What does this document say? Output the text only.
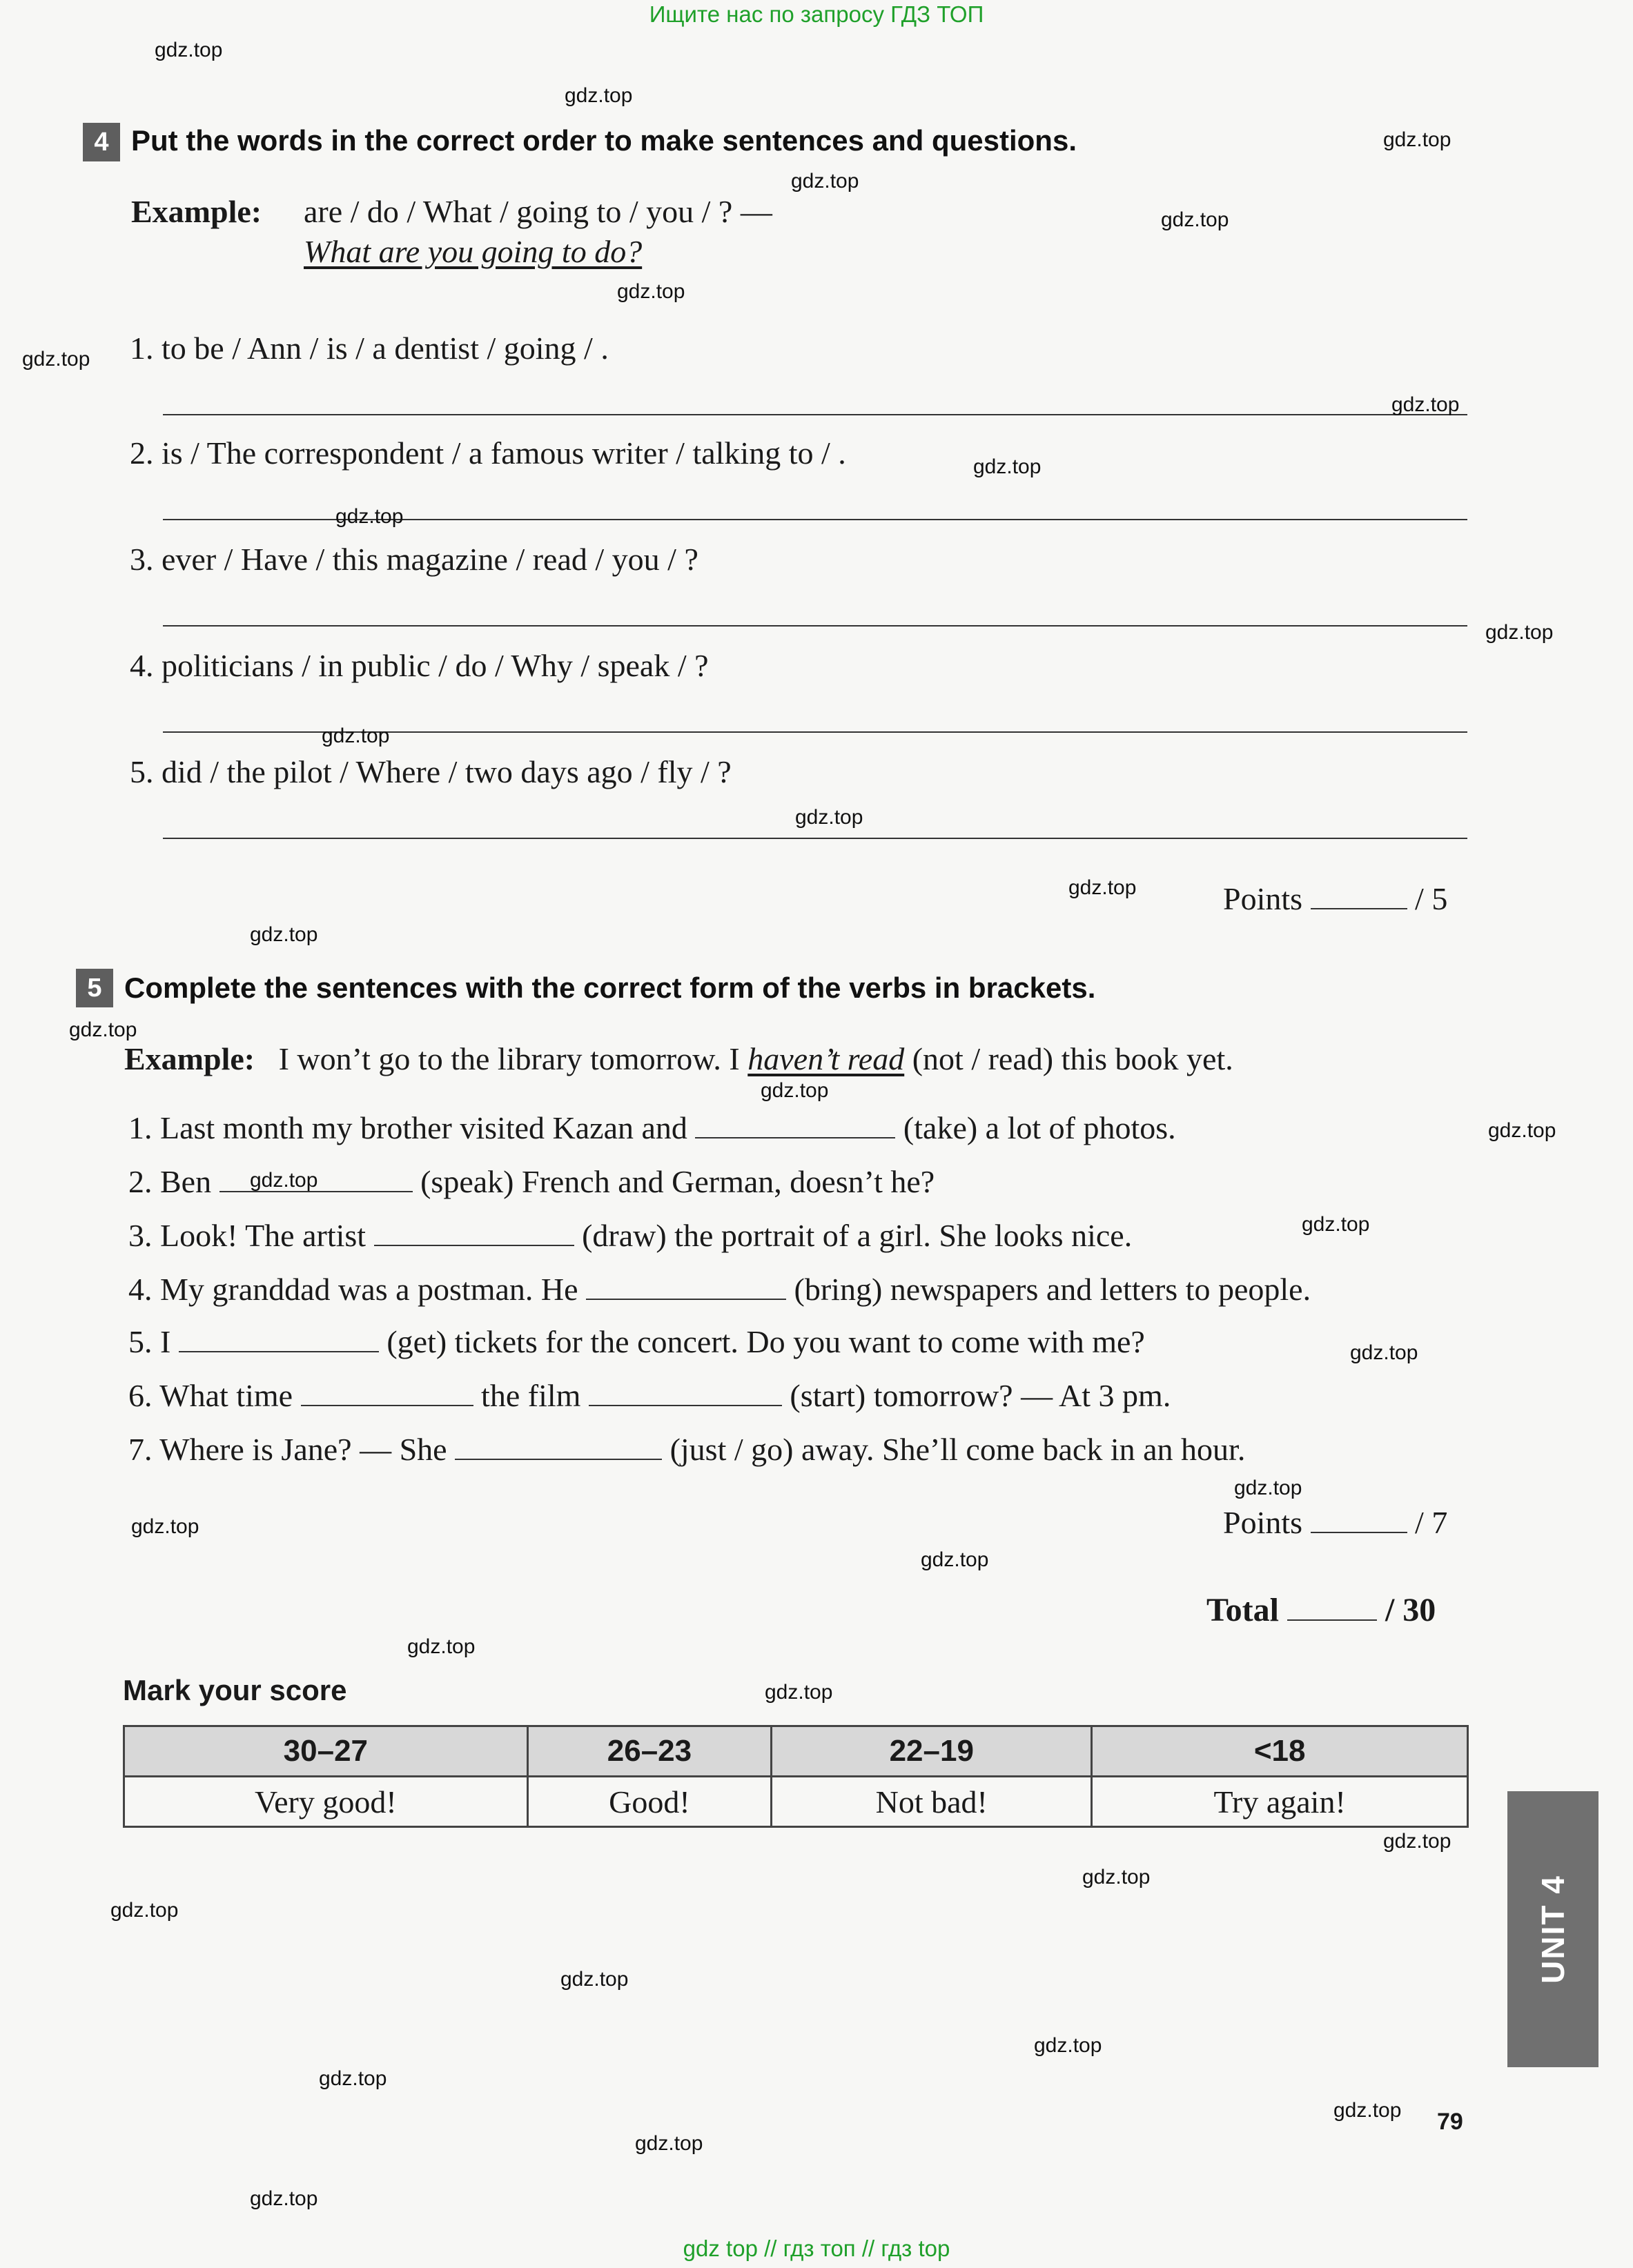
Ищите нас по запросу ГДЗ ТОП
4 Put the words in the correct order to make sentences and questions.
Example: are / do / What / going to / you / ? —
What are you going to do?
1. to be / Ann / is / a dentist / going / .
2. is / The correspondent / a famous writer / talking to / .
3. ever / Have / this magazine / read / you / ?
4. politicians / in public / do / Why / speak / ?
5. did / the pilot / Where / two days ago / fly / ?
Points	/ 5
5 Complete the sentences with the correct form of the verbs in brackets.
Example: I won’t go to the library tomorrow. I haven’t read (not / read) this book yet.
1. Last month my brother visited Kazan and	(take) a lot of photos.
2. Ben	(speak) French and German, doesn’t he?
3. Look! The artist	(draw) the portrait of a girl. She looks nice.
4. My granddad was a postman. He	(bring) newspapers and letters to people.
5. I	(get) tickets for the concert. Do you want to come with me?
6. What time	the film	(start) tomorrow? — At 3 pm.
7. Where is Jane? — She	(just / go) away. She’ll come back in an hour.
Points	/ 7
Total	/ 30
Mark your score
30–27	26–23	22–19	<18
Very good!	Good!	Not bad!	Try again!
UNIT 4
79
gdz.top
gdz.top
gdz.top
gdz.top
gdz.top
gdz.top
gdz.top
gdz.top
gdz.top
gdz.top
gdz.top
gdz.top
gdz.top
gdz.top
gdz.top
gdz.top
gdz.top
gdz.top
gdz.top
gdz.top
gdz.top
gdz.top
gdz.top
gdz.top
gdz.top
gdz.top
gdz.top
gdz.top
gdz.top
gdz.top
gdz.top
gdz.top
gdz.top
gdz.top
gdz.top
gdz top // гдз топ // гдз top
